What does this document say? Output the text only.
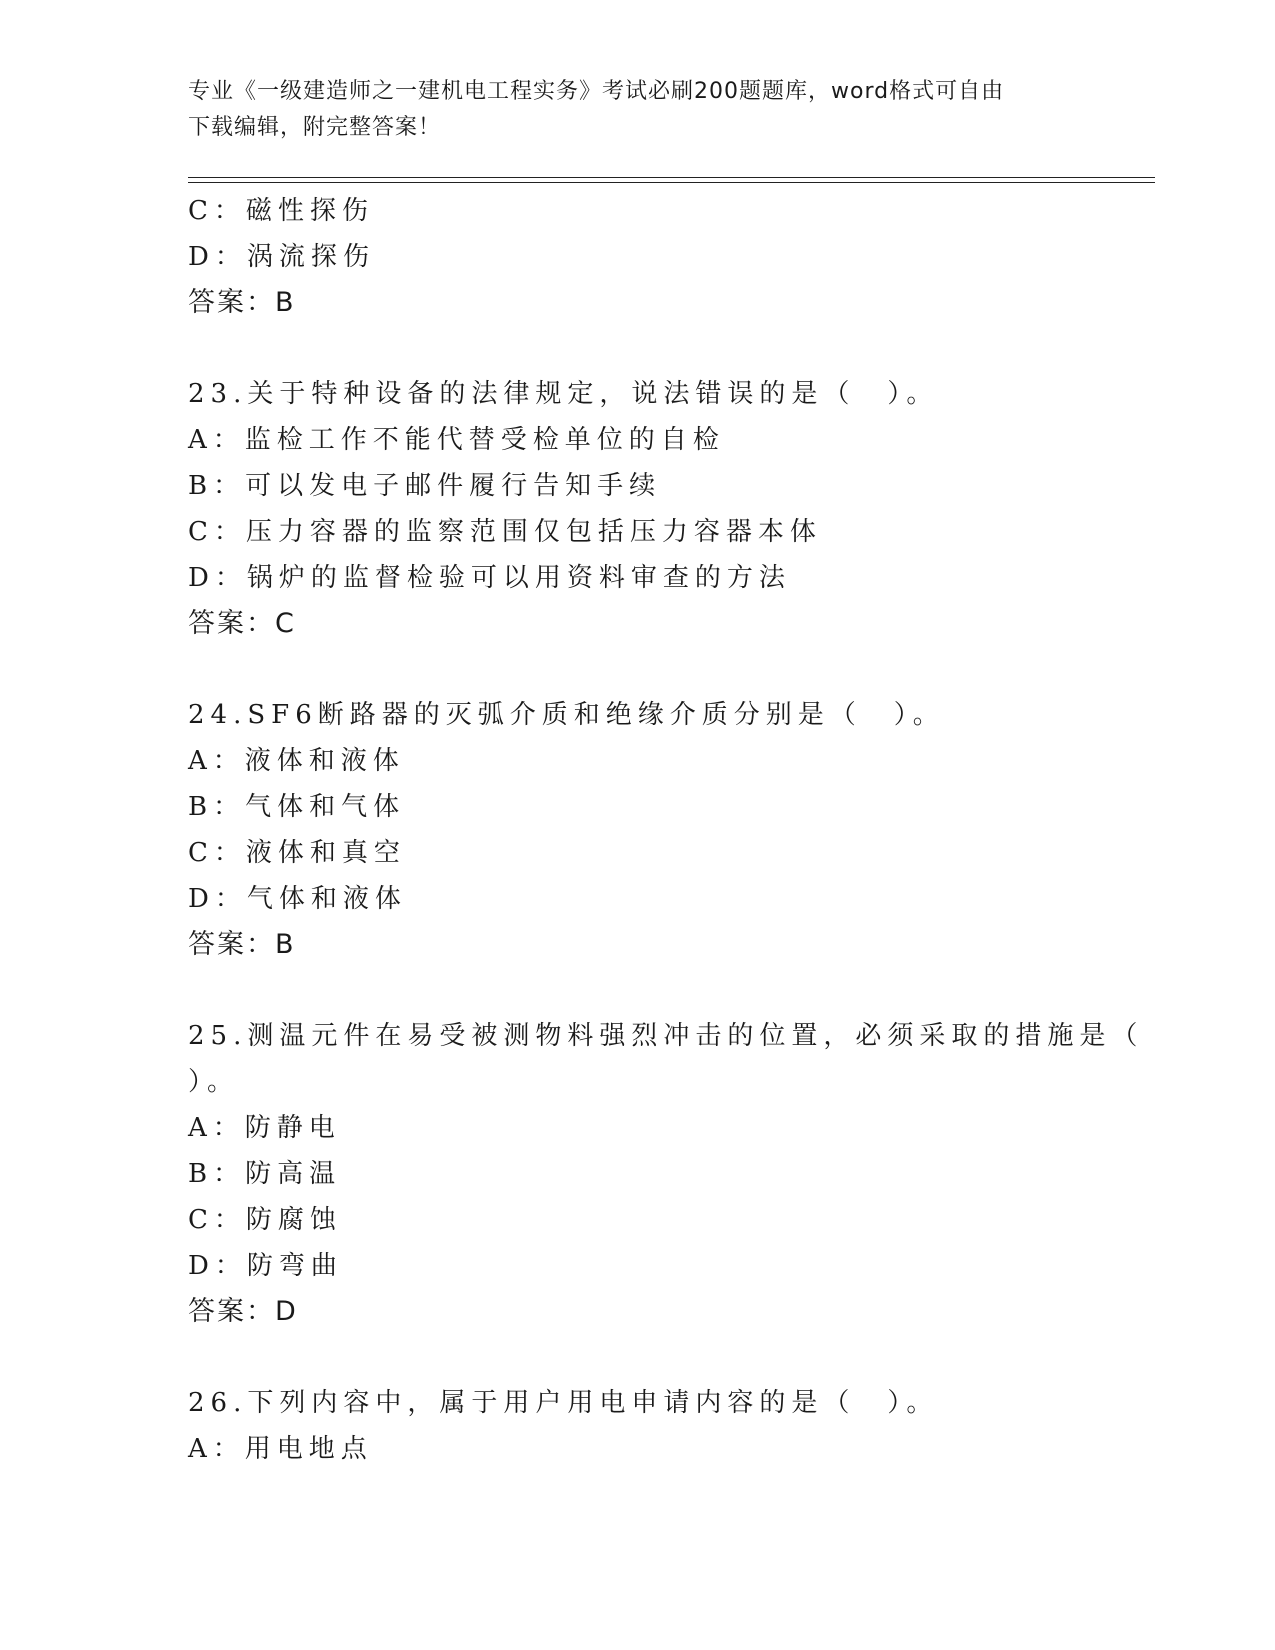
专业《一级建造师之一建机电工程实务》考试必刷200题题库，word格式可自由
下载编辑，附完整答案！
C：磁性探伤
D：涡流探伤
答案：B
23.关于特种设备的法律规定，说法错误的是（　）。
A：监检工作不能代替受检单位的自检
B：可以发电子邮件履行告知手续
C：压力容器的监察范围仅包括压力容器本体
D：锅炉的监督检验可以用资料审查的方法
答案：C
24.SF6断路器的灭弧介质和绝缘介质分别是（　）。
A：液体和液体
B：气体和气体
C：液体和真空
D：气体和液体
答案：B
25.测温元件在易受被测物料强烈冲击的位置，必须采取的措施是（
）。
A：防静电
B：防高温
C：防腐蚀
D：防弯曲
答案：D
26.下列内容中，属于用户用电申请内容的是（　）。
A：用电地点
